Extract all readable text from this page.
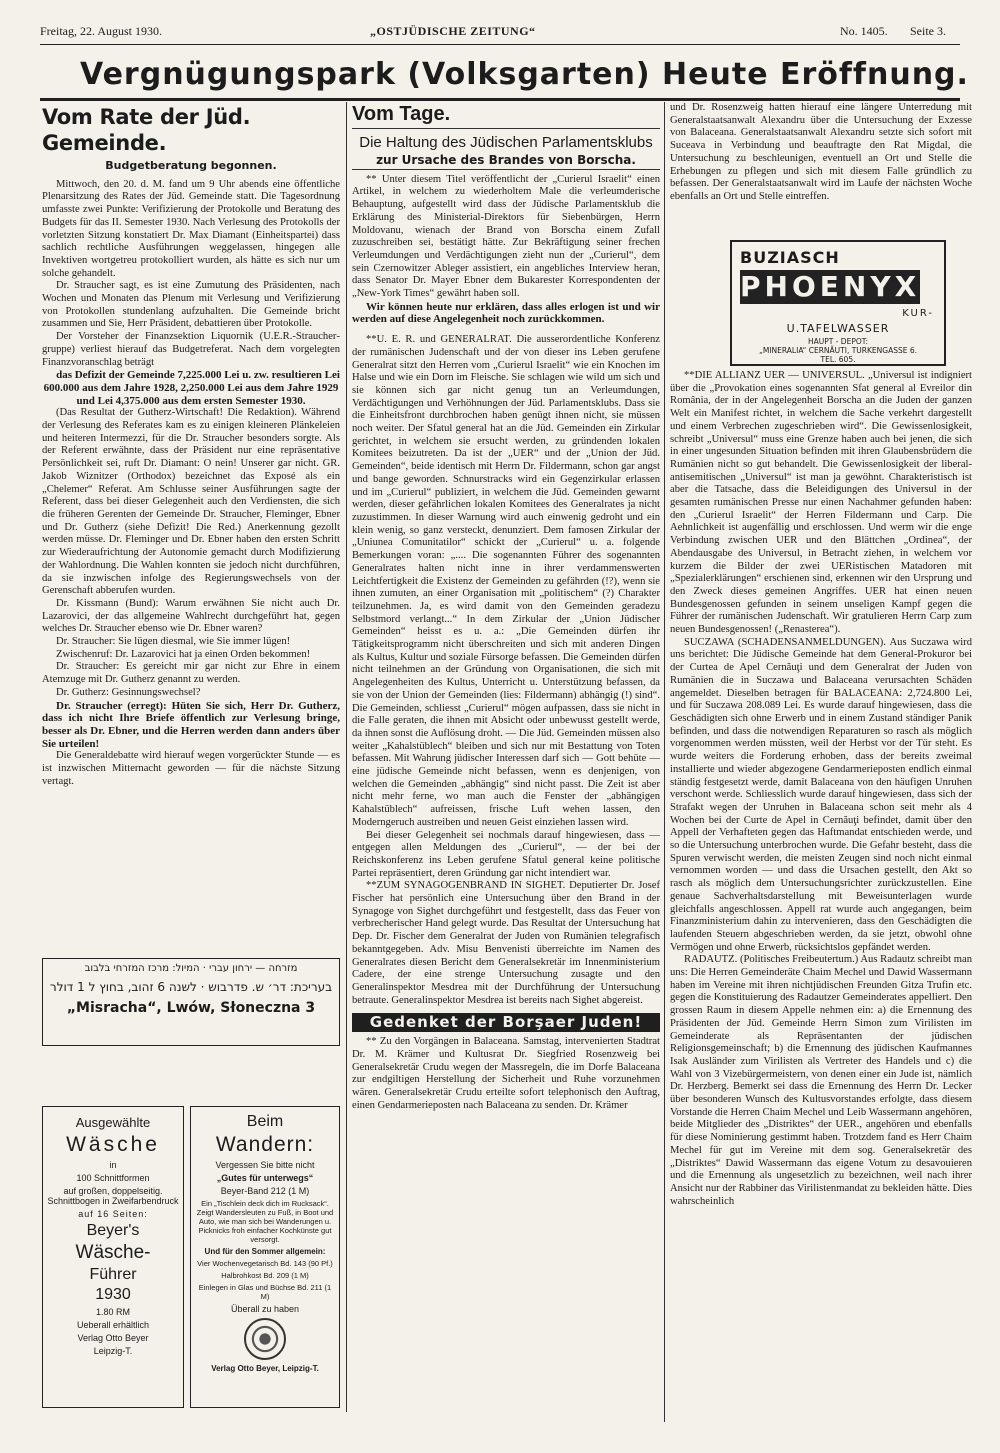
Freitag, 22. August 1930.	„OSTJÜDISCHE ZEITUNG“	No. 1405. Seite 3.
Vergnügungspark (Volksgarten) Heute Eröffnung.
Vom Rate der Jüd. Gemeinde.
Budgetberatung begonnen.

Mittwoch, den 20. d. M. fand um 9 Uhr abends eine öffentliche Plenarsitzung des Rates der Jüd. Gemeinde statt. Die Tagesordnung umfasste zwei Punkte: Verifizierung der Protokolle und Beratung des Budgets für das II. Semester 1930. Nach Verlesung des Protokolls der vorletzten Sitzung konstatiert Dr. Max Diamant (Einheitspartei) dass sachlich rechtliche Ausführungen weggelassen, hingegen alle Invektiven wortgetreu protokolliert wurden, als hätte es sich nur um solche gehandelt.

Dr. Straucher sagt, es ist eine Zumutung des Präsidenten, nach Wochen und Monaten das Plenum mit Verlesung und Verifizierung von Protokollen stundenlang aufzuhalten. Die Gemeinde bricht zusammen und Sie, Herr Präsident, debattieren über Protokolle.

Der Vorsteher der Finanzsektion Liquornik (U.E.R.-Strauchergruppe) verliest hierauf das Budgetreferat. Nach dem vorgelegten Finanzvoranschlag beträgt

das Defizit der Gemeinde 7,225.000 Lei u. zw. resultieren Lei 600.000 aus dem Jahre 1928, 2,250.000 Lei aus dem Jahre 1929 und Lei 4,375.000 aus dem ersten Semester 1930.

(Das Resultat der Gutherz-Wirtschaft! Die Redaktion). Während der Verlesung des Referates kam es zu einigen kleineren Plänkeleien und heiteren Intermezzi, für die Dr. Straucher besonders sorgte. Als der Referent erwähnte, dass der Präsident nur eine repräsentative Persönlichkeit sei, ruft Dr. Diamant: O nein! Unserer gar nicht. GR. Jakob Wiznitzer (Orthodox) bezeichnet das Exposé als ein „Chelemer“ Referat. Am Schlusse seiner Ausführungen sagte der Referent, dass bei dieser Gelegenheit auch den Verdiensten, die sich die früheren Gerenten der Gemeinde Dr. Straucher, Fleminger, Ebner und Dr. Gutherz (siehe Defizit! Die Red.) Anerkennung gezollt werden müsse. Dr. Fleminger und Dr. Ebner haben den ersten Schritt zur Wiederaufrichtung der Autonomie gemacht durch Modifizierung der Wahlordnung. Die Wahlen konnten sie jedoch nicht durchführen, da sie inzwischen infolge des Regierungswechsels von der Gerenschaft abberufen wurden.

Dr. Kissmann (Bund): Warum erwähnen Sie nicht auch Dr. Lazarovici, der das allgemeine Wahlrecht durchgeführt hat, gegen welches Dr. Straucher ebenso wie Dr. Ebner waren?

Dr. Straucher: Sie lügen diesmal, wie Sie immer lügen!

Zwischenruf: Dr. Lazarovici hat ja einen Orden bekommen!

Dr. Straucher: Es gereicht mir gar nicht zur Ehre in einem Atemzuge mit Dr. Gutherz genannt zu werden.

Dr. Gutherz: Gesinnungswechsel?

Dr. Straucher (erregt): Hüten Sie sich, Herr Dr. Gutherz, dass ich nicht Ihre Briefe öffentlich zur Verlesung bringe, besser als Dr. Ebner, und die Herren werden dann anders über Sie urteilen!

Die Generaldebatte wird hierauf wegen vorgerückter Stunde — es ist inzwischen Mitternacht geworden — für die nächste Sitzung vertagt.

מזרחה — ירחון עברי · המיול: מרכז המזרחי בלבוב
בעריכת: דר׳ ש. פדרבוש · לשנה 6 זהוב, בחוץ ל 1 דולר
„Misracha“, Lwów, Słoneczna 3
Ausgewählte
Wäsche
in
100 Schnittformen
auf großen, doppelseitig. Schnittbogen in Zweifarbendruck
auf 16 Seiten:
Beyer's
Wäsche-
Führer
1930
1.80 RM
Ueberall erhältlich
Verlag Otto Beyer
Leipzig-T.
Beim
Wandern:
Vergessen Sie bitte nicht
„Gutes für unterwegs“
Beyer-Band 212 (1 M)
Ein „Tischlein deck dich im Rucksack“. Zeigt Wandersleuten zu Fuß, in Boot und Auto, wie man sich bei Wanderungen u. Picknicks froh einfacher Kochkünste gut versorgt.
Und für den Sommer allgemein:
Vier Wochenvegetarisch Bd. 143 (90 Pf.)
Halbrohkost Bd. 209 (1 M)
Einlegen in Glas und Büchse Bd. 211 (1 M)
Überall zu haben
Verlag Otto Beyer, Leipzig-T.
Vom Tage.
Die Haltung des Jüdischen Parlamentsklubs
zur Ursache des Brandes von Borscha.

** Unter diesem Titel veröffentlicht der „Curierul Israelit“ einen Artikel, in welchem zu wiederholtem Male die verleumderische Behauptung, aufgestellt wird dass der Jüdische Parlamentsklub die Erklärung des Ministerial-Direktors für Siebenbürgen, Herrn Moldovanu, wienach der Brand von Borscha einem Zufall zuzuschreiben sei, bestätigt hätte. Zur Bekräftigung seiner frechen Verleumdungen und Verdächtigungen zieht nun der „Curierul“, dem sein Czernowitzer Ableger assistiert, ein angebliches Interview heran, dass Senator Dr. Mayer Ebner dem Bukarester Korrespondenten der „New-York Times“ gewährt haben soll.

Wir können heute nur erklären, dass alles erlogen ist und wir werden auf diese Angelegenheit noch zurückkommen.

**U. E. R. und GENERALRAT. Die ausserordentliche Konferenz der rumänischen Judenschaft und der von dieser ins Leben gerufene Generalrat sitzt den Herren vom „Curierul Israelit“ wie ein Knochen im Halse und wie ein Dorn im Fleische. Sie schlagen wie wild um sich und sie können sich gar nicht genug tun an Verleumdungen, Verdächtigungen und Verhöhnungen der Jüd. Parlamentsklubs. Dass sie die Einheitsfront durchbrochen haben genügt ihnen nicht, sie müssen noch weiter. Der Sfatul general hat an die Jüd. Gemeinden ein Zirkular gerichtet, in welchem sie ersucht werden, zu gründenden lokalen Komitees beizutreten. Da ist der „UER“ und der „Union der Jüd. Gemeinden“, beide identisch mit Herrn Dr. Fildermann, schon gar angst und bange geworden. Schnurstracks wird ein Gegenzirkular erlassen und im „Curierul“ publiziert, in welchem die Jüd. Gemeinden gewarnt werden, dieser gefährlichen lokalen Komitees des Generalrates ja nicht zuzustimmen. In dieser Warnung wird auch einwenig gedroht und ein klein wenig, so ganz versteckt, denunziert. Dem famosen Zirkular der „Uniunea Comunitatilor“ schickt der „Curierul“ u. a. folgende Bemerkungen voran: „.... Die sogenannten Führer des sogenannten Generalrates halten nicht inne in ihrer verdammenswerten Leichtfertigkeit die Existenz der Gemeinden zu gefährden (!?), wenn sie ihnen zumuten, an einer Organisation mit „politischem“ (?) Charakter teilzunehmen. Ja, es wird damit von den Gemeinden geradezu Selbstmord verlangt...“ In dem Zirkular der „Union Jüdischer Gemeinden“ heisst es u. a.: „Die Gemeinden dürfen ihr Tätigkeitsprogramm nicht überschreiten und sich mit anderen Dingen als Kultus, Kultur und soziale Fürsorge befassen. Die Gemeinden dürfen nicht teilnehmen an der Gründung von Organisationen, die sich mit Angelegenheiten des Kultus, Unterricht u. Unterstützung befassen, da sie von der Union der Gemeinden (lies: Fildermann) abhängig (!) sind“. Die Gemeinden, schliesst „Curierul“ mögen aufpassen, dass sie nicht in die Falle geraten, die ihnen mit Absicht oder unbewusst gestellt werde, da ihnen sonst die Auflösung droht. — Die Jüd. Gemeinden müssen also weiter „Kahalstüblech“ bleiben und sich nur mit Bestattung von Toten befassen. Mit Wahrung jüdischer Interessen darf sich — Gott behüte — eine jüdische Gemeinde nicht befassen, wenn es denjenigen, von welchen die Gemeinden „abhängig“ sind nicht passt. Die Zeit ist aber nicht mehr ferne, wo man auch die Fenster der „abhängigen Kahalstüblech“ aufreissen, frische Luft wehen lassen, den Moderngeruch austreiben und neuen Geist einziehen lassen wird.

Bei dieser Gelegenheit sei nochmals darauf hingewiesen, dass — entgegen allen Meldungen des „Curierul“, — der bei der Reichskonferenz ins Leben gerufene Sfatul general keine politische Partei repräsentiert, deren Gründung gar nicht intendiert war.

**ZUM SYNAGOGENBRAND IN SIGHET. Deputierter Dr. Josef Fischer hat persönlich eine Untersuchung über den Brand in der Synagoge von Sighet durchgeführt und festgestellt, dass das Feuer von verbrecherischer Hand gelegt wurde. Das Resultat der Untersuchung hat Dep. Dr. Fischer dem Generalrat der Juden von Rumänien telegrafisch bekanntgegeben. Adv. Misu Benvenisti überreichte im Namen des Generalrates diesen Bericht dem Generalsekretär im Innenministerium Cadere, der eine strenge Untersuchung zusagte und den Generalinspektor Mesdrea mit der Durchführung der Untersuchung betraute. Generalinspektor Mesdrea ist bereits nach Sighet abgereist.

Gedenket der Borşaer Juden!

** Zu den Vorgängen in Balaceana. Samstag, intervenierten Stadtrat Dr. M. Krämer und Kultusrat Dr. Siegfried Rosenzweig bei Generalsekretär Crudu wegen der Massregeln, die im Dorfe Balaceana zur endgiltigen Herstellung der Sicherheit und Ruhe vorzunehmen wären. Generalsekretär Crudu erteilte sofort telephonisch den Auftrag, einen Gendarmerieposten nach Balaceana zu senden. Dr. Krämer

und Dr. Rosenzweig hatten hierauf eine längere Unterredung mit Generalstaatsanwalt Alexandru über die Untersuchung der Exzesse von Balaceana. Generalstaatsanwalt Alexandru setzte sich sofort mit Suceava in Verbindung und beauftragte den Rat Migdal, die Untersuchung zu beschleunigen, eventuell an Ort und Stelle die Erhebungen zu pflegen und sich mit diesem Falle gründlich zu befassen. Der Generalstaatsanwalt wird im Laufe der nächsten Woche ebenfalls an Ort und Stelle eintreffen.

BUZIASCH
PHOENYX
KUR-
U.TAFELWASSER
HAUPT - DEPOT:
„MINERALIA“ CERNĂUTI, TURKENGASSE 6.
TEL. 605.

**DIE ALLIANZ UER — UNIVERSUL. „Universul ist indigniert über die „Provokation eines sogenannten Sfat general al Evreilor din România, der in der Angelegenheit Borscha an die Juden der ganzen Welt ein Manifest richtet, in welchem die Sache verkehrt dargestellt und einem Verbrechen zugeschrieben wird“. Die Gewissenlosigkeit, schreibt „Universul“ muss eine Grenze haben auch bei jenen, die sich in einer ungesunden Situation befinden mit ihren Glaubensbrüdern die Rumänien nicht so gut behandelt. Die Gewissenlosigkeit der liberal-antisemitischen „Universul“ ist man ja gewöhnt. Charakteristisch ist aber die Tatsache, dass die Beleidigungen des Universul in der gesamten rumänischen Presse nur einen Nachahmer gefunden haben: den „Curierul Israelit“ der Herren Fildermann und Carp. Die Aehnlichkeit ist augenfällig und erschlossen. Und werm wir die enge Verbindung zwischen UER und den Blättchen „Ordinea“, der Abendausgabe des Universul, in Betracht ziehen, in welchem vor kurzem die Bilder der zwei UERistischen Matadoren mit „Spezialerklärungen“ erschienen sind, erkennen wir den Ursprung und den Zweck dieses gemeinen Angriffes. UER hat einen neuen Bundesgenossen gefunden in seinem unseligen Kampf gegen die Führer der rumänischen Judenschaft. Wir gratulieren Herrn Carp zum neuen Bundesgenossen! („Renasterea“).

SUCZAWA (SCHADENSANMELDUNGEN). Aus Suczawa wird uns berichtet: Die Jüdische Gemeinde hat dem General-Prokuror bei der Curtea de Apel Cernăuţi und dem Generalrat der Juden von Rumänien die in Suczawa und Balaceana verursachten Schäden angemeldet. Dieselben betragen für BALACEANA: 2,724.800 Lei, und für Suczawa 208.089 Lei. Es wurde darauf hingewiesen, dass die Geschädigten sich ohne Erwerb und in einem Zustand ständiger Panik befinden, und dass die notwendigen Reparaturen so rasch als möglich vorgenommen werden müssten, weil der Herbst vor der Tür steht. Es wurde weiters die Forderung erhoben, dass der bereits zweimal installierte und wieder abgezogene Gendarmerieposten endlich einmal ständig festgesetzt werde, damit Balaceana von den häufigen Unruhen verschont werde. Schliesslich wurde darauf hingewiesen, dass sich der Strafakt wegen der Unruhen in Balaceana schon seit mehr als 4 Wochen bei der Curte de Apel in Cernăuţi befindet, damit über den Appell der Verhafteten gegen das Haftmandat entschieden werde, und so die Untersuchung unterbrochen wurde. Die Gefahr besteht, dass die Spuren verwischt werden, die meisten Zeugen sind noch nicht einmal vernommen worden — und dass die Ursachen gestellt, den Akt so rasch als möglich dem Untersuchungsrichter zurückzustellen. Eine genaue Sachverhaltsdarstellung mit Beweisunterlagen wurde gleichfalls angeschlossen. Appell rat wurde auch angegangen, beim Finanzministerium dahin zu intervenieren, dass den Geschädigten die laufenden Steuern abgeschrieben werden, da sie jetzt, obwohl ohne Vermögen und ohne Erwerb, rücksichtslos gepfändet werden.

RADAUTZ. (Politisches Freibeutertum.) Aus Radautz schreibt man uns: Die Herren Gemeinderäte Chaim Mechel und Dawid Wassermann haben im Vereine mit ihren nichtjüdischen Freunden Gitza Trufin etc. gegen die Konstituierung des Radautzer Gemeinderates appelliert. Den grossen Raum in diesem Appelle nehmen ein: a) die Ernennung des Präsidenten der Jüd. Gemeinde Herrn Simon zum Virilisten im Gemeinderate als Repräsentanten der jüdischen Religionsgemeinschaft; b) die Ernennung des jüdischen Kaufmannes Isak Ausländer zum Virilisten als Vertreter des Handels und c) die Wahl von 3 Vizebürgermeistern, von denen einer ein Jude ist, nämlich Dr. Herzberg. Bemerkt sei dass die Ernennung des Herrn Dr. Lecker über besonderen Wunsch des Kultusvorstandes erfolgte, dass diesem Vorstande die Herren Chaim Mechel und Leib Wassermann angehören, beide Mitglieder des „Distriktes“ der UER., angehören und ebenfalls für diese Nominierung gestimmt haben. Trotzdem fand es Herr Chaim Mechel für gut im Vereine mit dem sog. Generalsekretär des „Distriktes“ Dawid Wassermann das eigene Votum zu desavouieren und die Ernennung als ungesetzlich zu bezeichnen, weil nach ihrer Ansicht nur der Rabbiner das Virilistenmandat zu bekleiden hätte. Dies wahrscheinlich
